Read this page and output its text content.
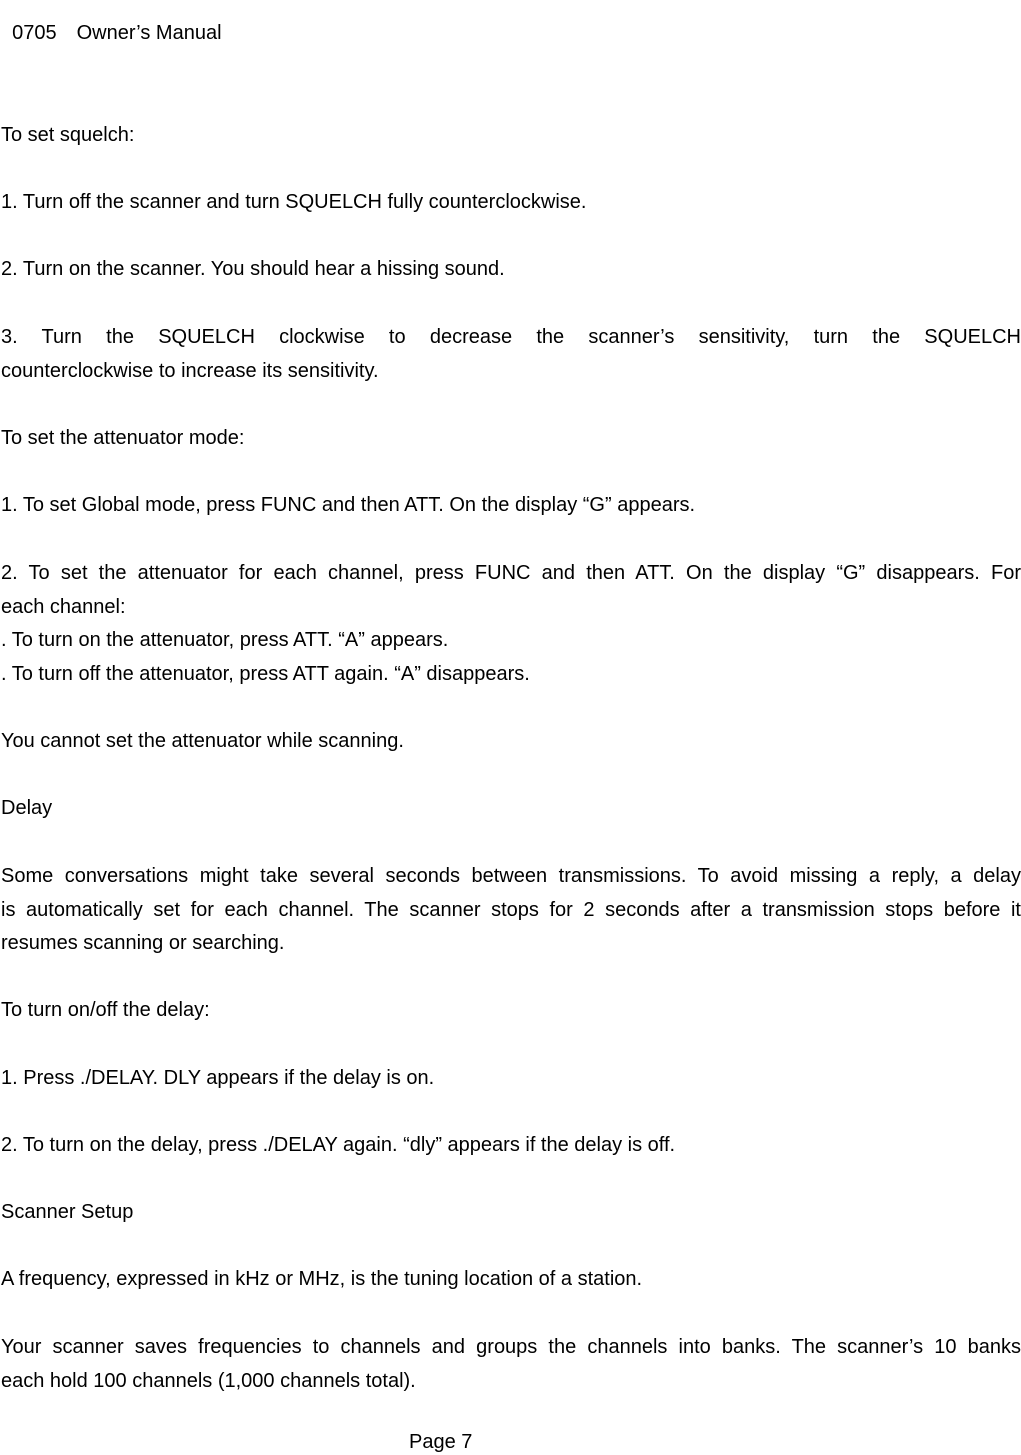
0705 Owner’s Manual

To set squelch:
1. Turn off the scanner and turn SQUELCH fully counterclockwise.
2. Turn on the scanner. You should hear a hissing sound.
3. Turn the SQUELCH clockwise to decrease the scanner’s sensitivity, turn the SQUELCH
counterclockwise to increase its sensitivity.
To set the attenuator mode:
1. To set Global mode, press FUNC and then ATT. On the display “G” appears.
2. To set the attenuator for each channel, press FUNC and then ATT. On the display “G” disappears. For
each channel:
. To turn on the attenuator, press ATT. “A” appears.
. To turn off the attenuator, press ATT again. “A” disappears.
You cannot set the attenuator while scanning.
Delay
Some conversations might take several seconds between transmissions. To avoid missing a reply, a delay
is automatically set for each channel. The scanner stops for 2 seconds after a transmission stops before it
resumes scanning or searching.
To turn on/off the delay:
1. Press ./DELAY. DLY appears if the delay is on.
2. To turn on the delay, press ./DELAY again. “dly” appears if the delay is off.
Scanner Setup
A frequency, expressed in kHz or MHz, is the tuning location of a station.
Your scanner saves frequencies to channels and groups the channels into banks. The scanner’s 10 banks
each hold 100 channels (1,000 channels total).
Page 7
